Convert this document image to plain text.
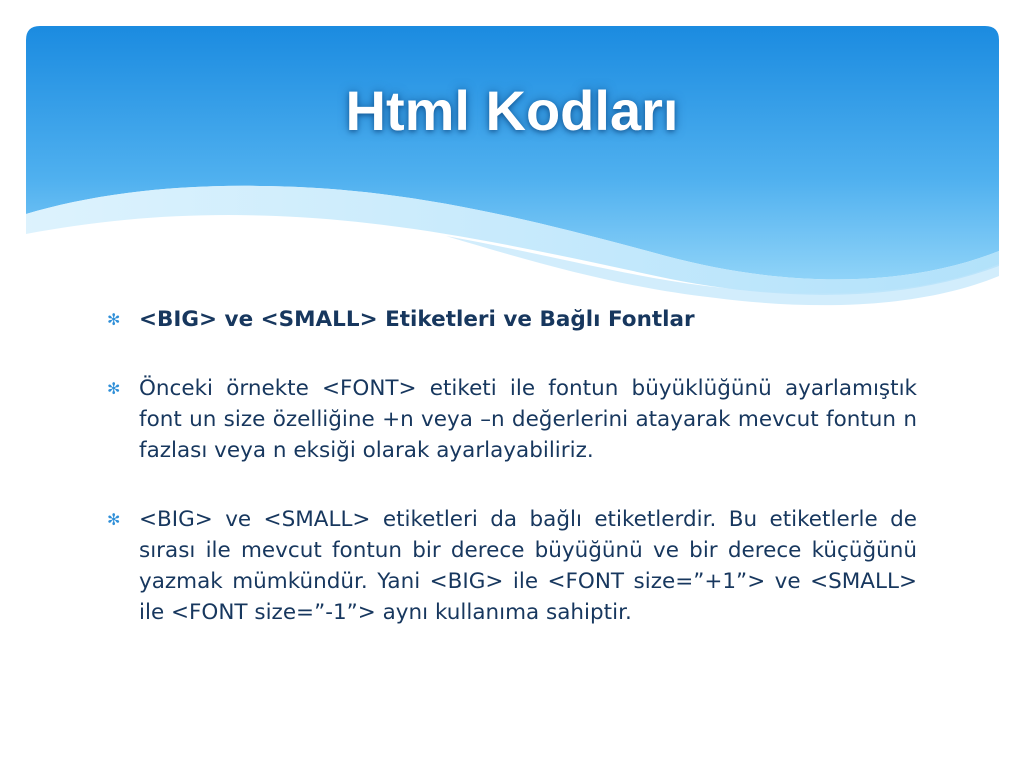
Html Kodları
✻ <BIG> ve <SMALL> Etiketleri ve Bağlı Fontlar
✻ Önceki örnekte <FONT> etiketi ile fontun büyüklüğünü ayarlamıştık font un size özelliğine +n veya –n değerlerini atayarak mevcut fontun n fazlası veya n eksiği olarak ayarlayabiliriz.
✻ <BIG> ve <SMALL> etiketleri da bağlı etiketlerdir. Bu etiketlerle de sırası ile mevcut fontun bir derece büyüğünü ve bir derece küçüğünü yazmak mümkündür. Yani <BIG> ile <FONT size=”+1”> ve <SMALL> ile <FONT size=”-1”> aynı kullanıma sahiptir.
